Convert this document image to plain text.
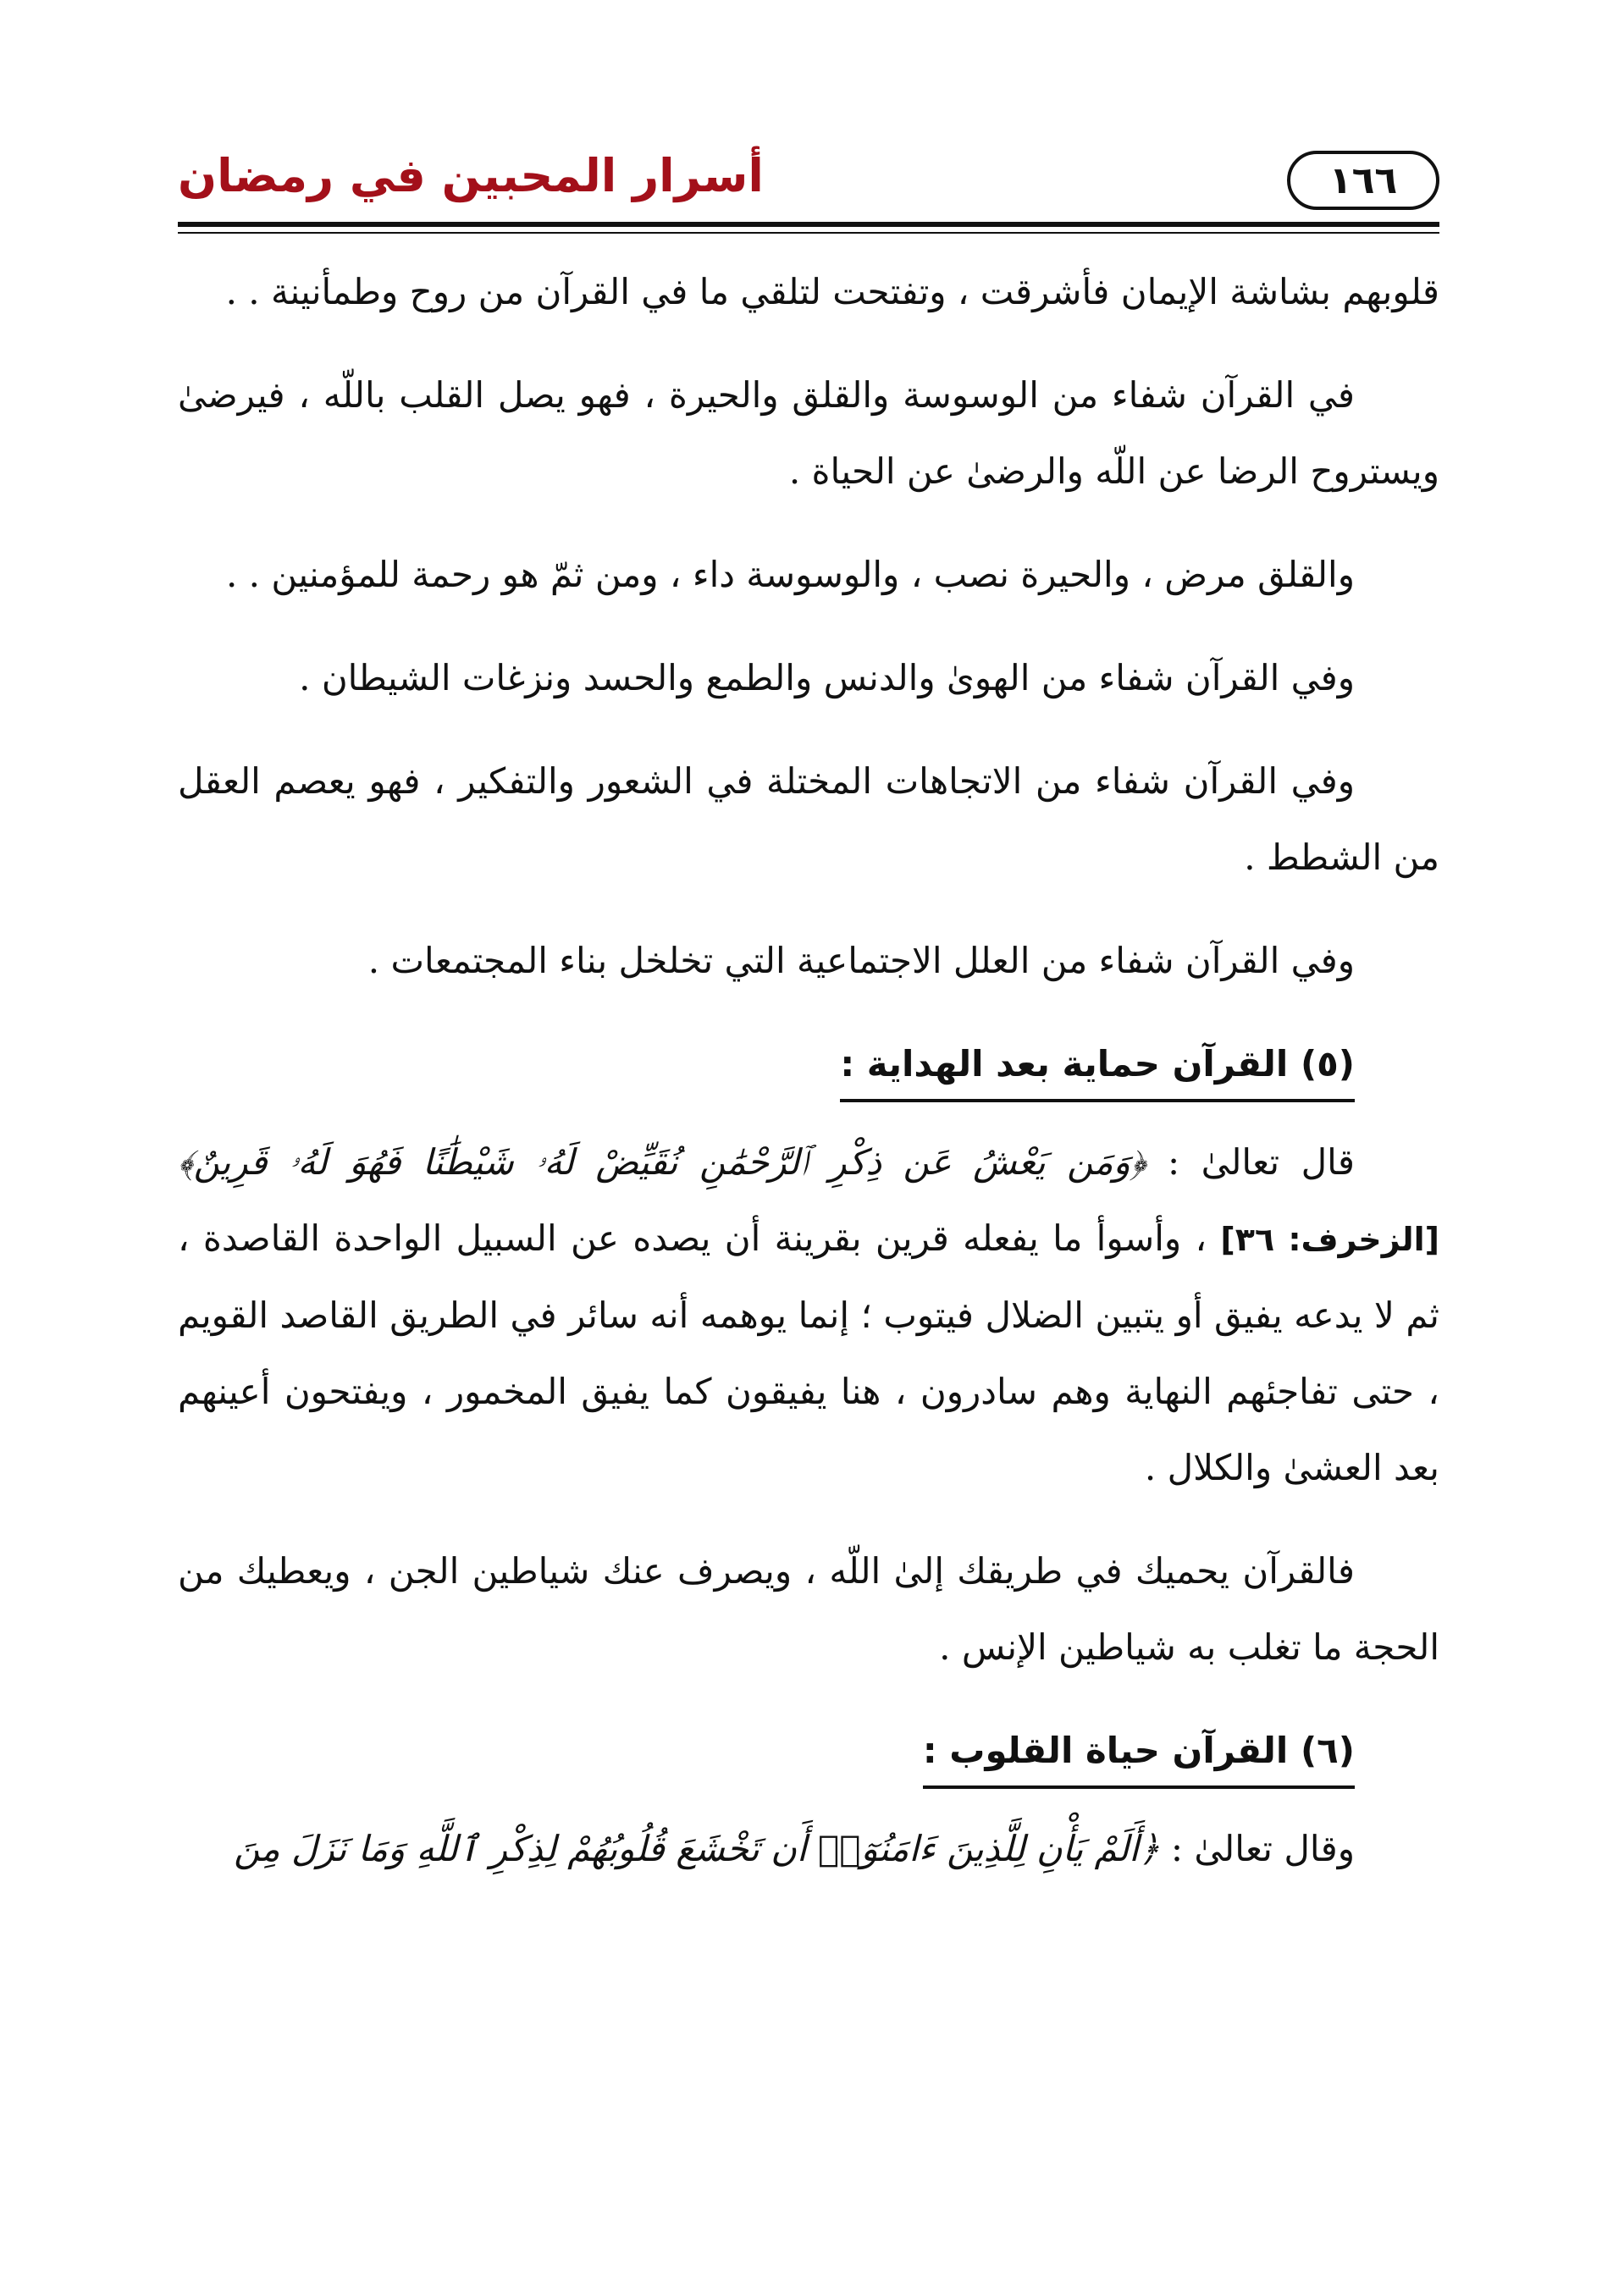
أسرار المحبين في رمضان	١٦٦

قلوبهم بشاشة الإيمان فأشرقت ، وتفتحت لتلقي ما في القرآن من روح وطمأنينة . .

في القرآن شفاء من الوسوسة والقلق والحيرة ، فهو يصل القلب باللّه ، فيرضىٰ ويستروح الرضا عن اللّه والرضىٰ عن الحياة .

والقلق مرض ، والحيرة نصب ، والوسوسة داء ، ومن ثمّ هو رحمة للمؤمنين . .

وفي القرآن شفاء من الهوىٰ والدنس والطمع والحسد ونزغات الشيطان .

وفي القرآن شفاء من الاتجاهات المختلة في الشعور والتفكير ، فهو يعصم العقل من الشطط .

وفي القرآن شفاء من العلل الاجتماعية التي تخلخل بناء المجتمعات .

(٥) القرآن حماية بعد الهداية :

قال تعالىٰ : ﴿وَمَن يَعْشُ عَن ذِكْرِ ٱلرَّحْمَٰنِ نُقَيِّضْ لَهُۥ شَيْطَٰنًا فَهُوَ لَهُۥ قَرِينٌ﴾ [الزخرف: ٣٦] ، وأسوأ ما يفعله قرين بقرينة أن يصده عن السبيل الواحدة القاصدة ، ثم لا يدعه يفيق أو يتبين الضلال فيتوب ؛ إنما يوهمه أنه سائر في الطريق القاصد القويم ، حتى تفاجئهم النهاية وهم سادرون ، هنا يفيقون كما يفيق المخمور ، ويفتحون أعينهم بعد العشىٰ والكلال .

فالقرآن يحميك في طريقك إلىٰ اللّه ، ويصرف عنك شياطين الجن ، ويعطيك من الحجة ما تغلب به شياطين الإنس .

(٦) القرآن حياة القلوب :

وقال تعالىٰ : ﴿أَلَمْ يَأْنِ لِلَّذِينَ ءَامَنُوٓا۟ أَن تَخْشَعَ قُلُوبُهُمْ لِذِكْرِ ٱللَّهِ وَمَا نَزَلَ مِنَ
